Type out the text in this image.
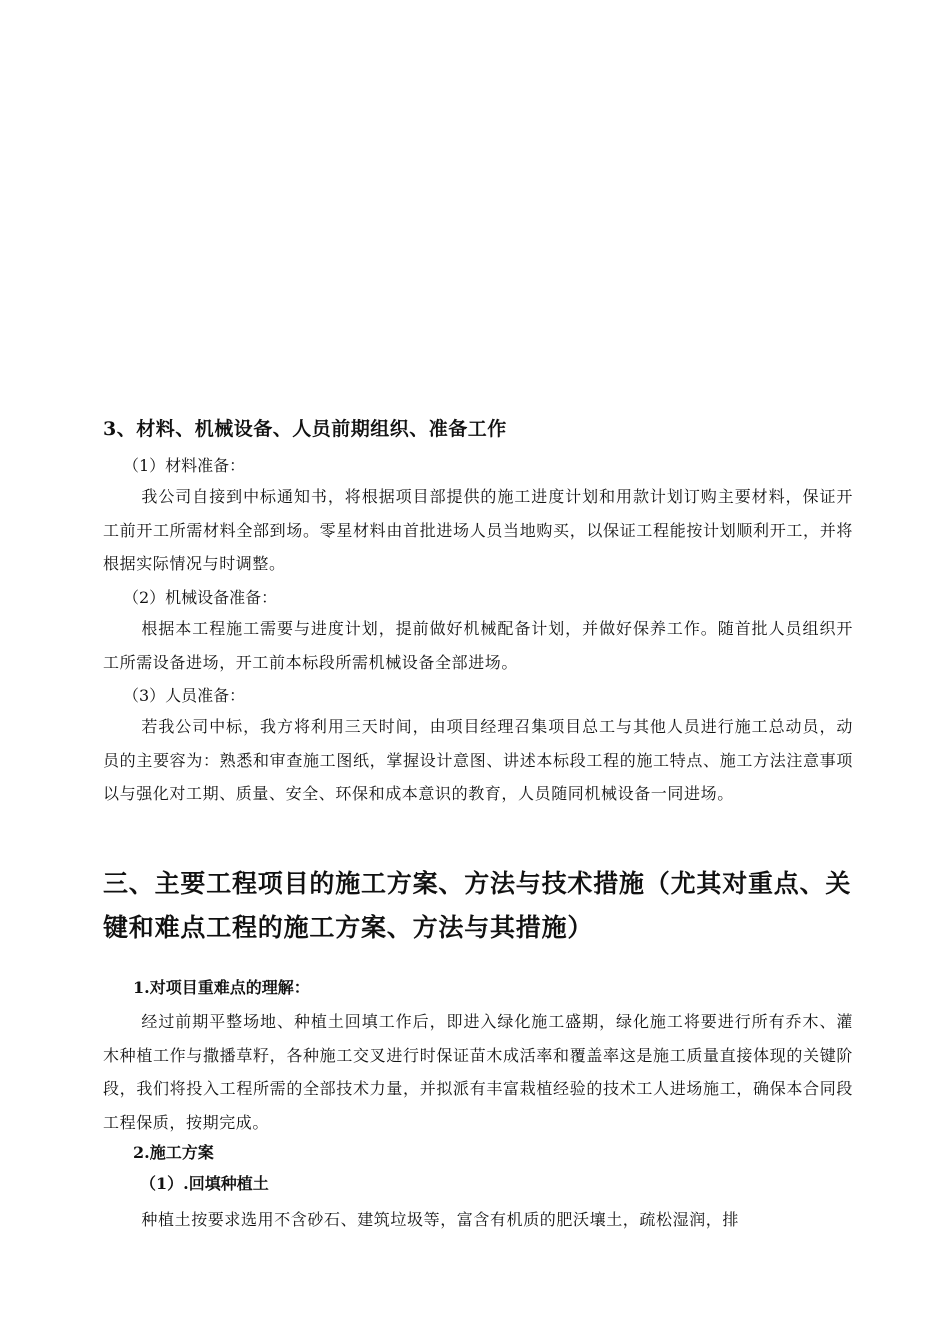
3、材料、机械设备、人员前期组织、准备工作
（1）材料准备：
我公司自接到中标通知书，将根据项目部提供的施工进度计划和用款计划订购主要材料，保证开工前开工所需材料全部到场。零星材料由首批进场人员当地购买，以保证工程能按计划顺利开工，并将根据实际情况与时调整。
（2）机械设备准备：
根据本工程施工需要与进度计划，提前做好机械配备计划，并做好保养工作。随首批人员组织开工所需设备进场，开工前本标段所需机械设备全部进场。
（3）人员准备：
若我公司中标，我方将利用三天时间，由项目经理召集项目总工与其他人员进行施工总动员，动员的主要容为：熟悉和审查施工图纸，掌握设计意图、讲述本标段工程的施工特点、施工方法注意事项以与强化对工期、质量、安全、环保和成本意识的教育，人员随同机械设备一同进场。
三、主要工程项目的施工方案、方法与技术措施（尤其对重点、关键和难点工程的施工方案、方法与其措施）
1.对项目重难点的理解：
经过前期平整场地、种植土回填工作后，即进入绿化施工盛期，绿化施工将要进行所有乔木、灌木种植工作与撒播草籽，各种施工交叉进行时保证苗木成活率和覆盖率这是施工质量直接体现的关键阶段，我们将投入工程所需的全部技术力量，并拟派有丰富栽植经验的技术工人进场施工，确保本合同段工程保质，按期完成。
2.施工方案
（1）.回填种植土
种植土按要求选用不含砂石、建筑垃圾等，富含有机质的肥沃壤土，疏松湿润，排
